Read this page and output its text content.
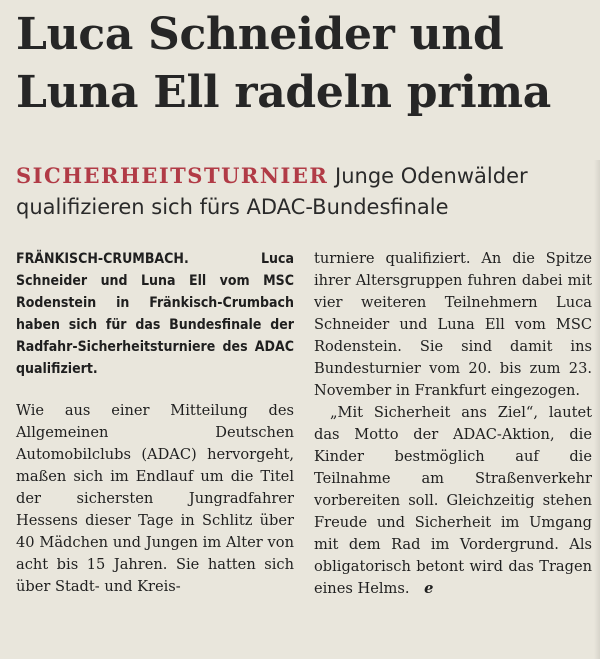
Luca Schneider und Luna Ell radeln prima

SICHERHEITSTURNIER Junge Odenwälder qualifizieren sich fürs ADAC-Bundesfinale

FRÄNKISCH-CRUMBACH.	Luca Schneider und Luna Ell vom MSC Rodenstein in Fränkisch-Crumbach haben sich für das Bundesfinale der Radfahr-Sicherheitsturniere des ADAC qualifiziert.

Wie aus einer Mitteilung des Allgemeinen Deutschen Automobilclubs (ADAC) hervorgeht, maßen sich im Endlauf um die Titel der sichersten Jungradfahrer Hessens dieser Tage in Schlitz über 40 Mädchen und Jungen im Alter von acht bis 15 Jahren. Sie hatten sich über Stadt- und Kreis-

turniere qualifiziert. An die Spitze ihrer Altersgruppen fuhren dabei mit vier weiteren Teilnehmern Luca Schneider und Luna Ell vom MSC Rodenstein. Sie sind damit ins Bundesturnier vom 20. bis zum 23. November in Frankfurt eingezogen.

„Mit Sicherheit ans Ziel“, lautet das Motto der ADAC-Aktion, die Kinder bestmöglich auf die Teilnahme am Straßenverkehr vorbereiten soll. Gleichzeitig stehen Freude und Sicherheit im Umgang mit dem Rad im Vordergrund. Als obligatorisch betont wird das Tragen eines Helms. e
